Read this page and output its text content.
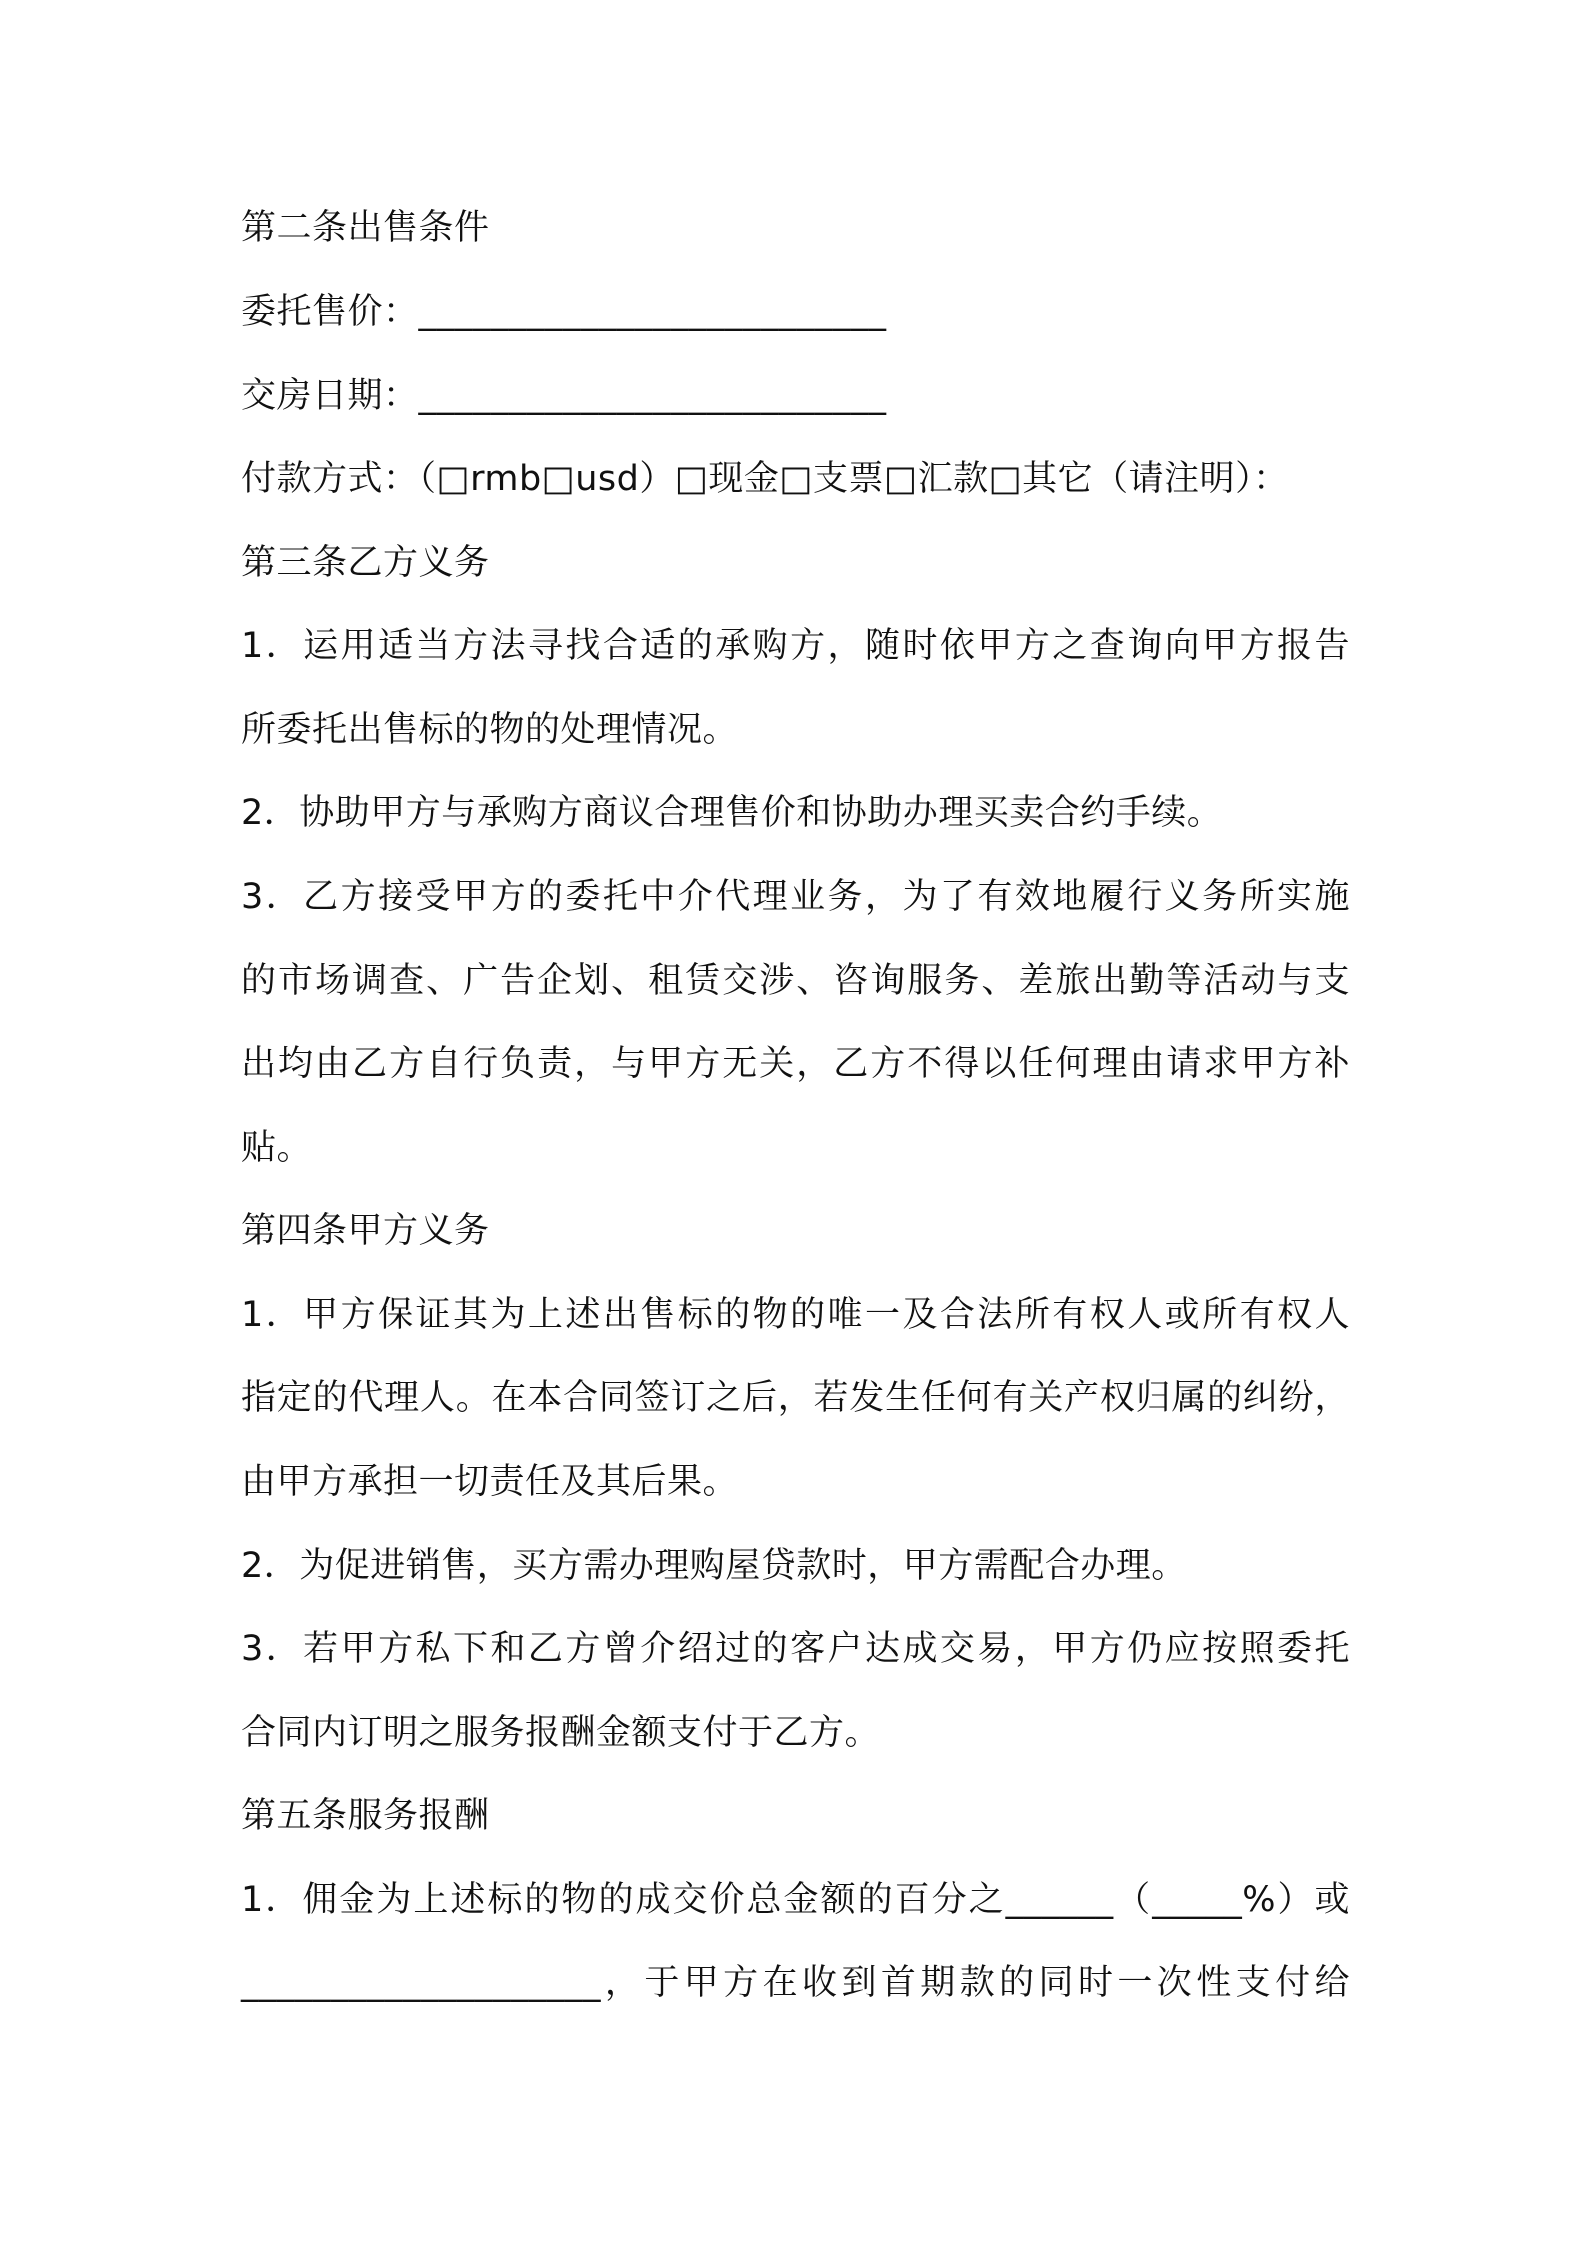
第二条出售条件
委托售价：__________________________
交房日期：__________________________
付款方式：（□rmb□usd）□现金□支票□汇款□其它（请注明）：
第三条乙方义务
1．运用适当方法寻找合适的承购方，随时依甲方之查询向甲方报告
所委托出售标的物的处理情况。
2．协助甲方与承购方商议合理售价和协助办理买卖合约手续。
3．乙方接受甲方的委托中介代理业务，为了有效地履行义务所实施
的市场调查、广告企划、租赁交涉、咨询服务、差旅出勤等活动与支
出均由乙方自行负责，与甲方无关，乙方不得以任何理由请求甲方补
贴。
第四条甲方义务
1．甲方保证其为上述出售标的物的唯一及合法所有权人或所有权人
指定的代理人。在本合同签订之后，若发生任何有关产权归属的纠纷，
由甲方承担一切责任及其后果。
2．为促进销售，买方需办理购屋贷款时，甲方需配合办理。
3．若甲方私下和乙方曾介绍过的客户达成交易，甲方仍应按照委托
合同内订明之服务报酬金额支付于乙方。
第五条服务报酬
1．佣金为上述标的物的成交价总金额的百分之______（_____%）或
____________________，于甲方在收到首期款的同时一次性支付给
